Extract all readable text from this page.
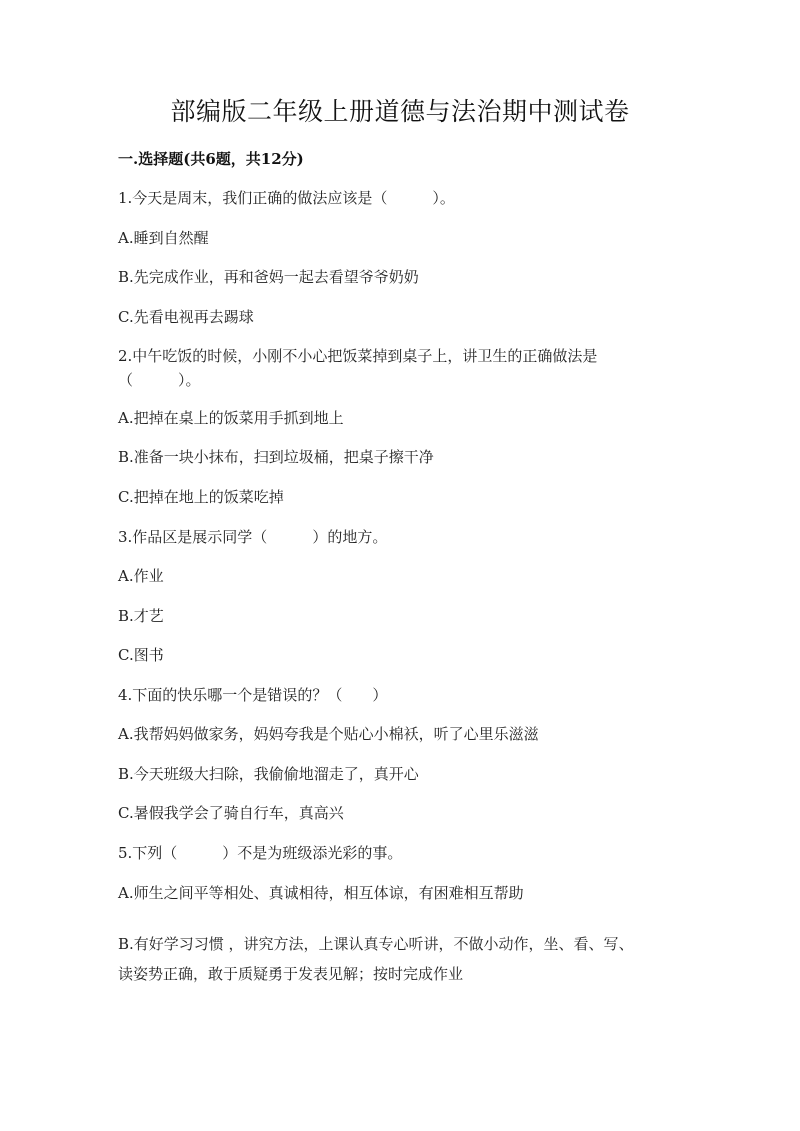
部编版二年级上册道德与法治期中测试卷
一.选择题(共6题，共12分)
1.今天是周末，我们正确的做法应该是（　　　）。
A.睡到自然醒
B.先完成作业，再和爸妈一起去看望爷爷奶奶
C.先看电视再去踢球
2.中午吃饭的时候，小刚不小心把饭菜掉到桌子上，讲卫生的正确做法是
（　　　）。
A.把掉在桌上的饭菜用手抓到地上
B.准备一块小抹布，扫到垃圾桶，把桌子擦干净
C.把掉在地上的饭菜吃掉
3.作品区是展示同学（　　　）的地方。
A.作业
B.才艺
C.图书
4.下面的快乐哪一个是错误的？（　　）
A.我帮妈妈做家务，妈妈夸我是个贴心小棉袄，听了心里乐滋滋
B.今天班级大扫除，我偷偷地溜走了，真开心
C.暑假我学会了骑自行车，真高兴
5.下列（　　　）不是为班级添光彩的事。
A.师生之间平等相处、真诚相待，相互体谅，有困难相互帮助
B.有好学习习惯 ，讲究方法，上课认真专心听讲，不做小动作，坐、看、写、
读姿势正确，敢于质疑勇于发表见解；按时完成作业
